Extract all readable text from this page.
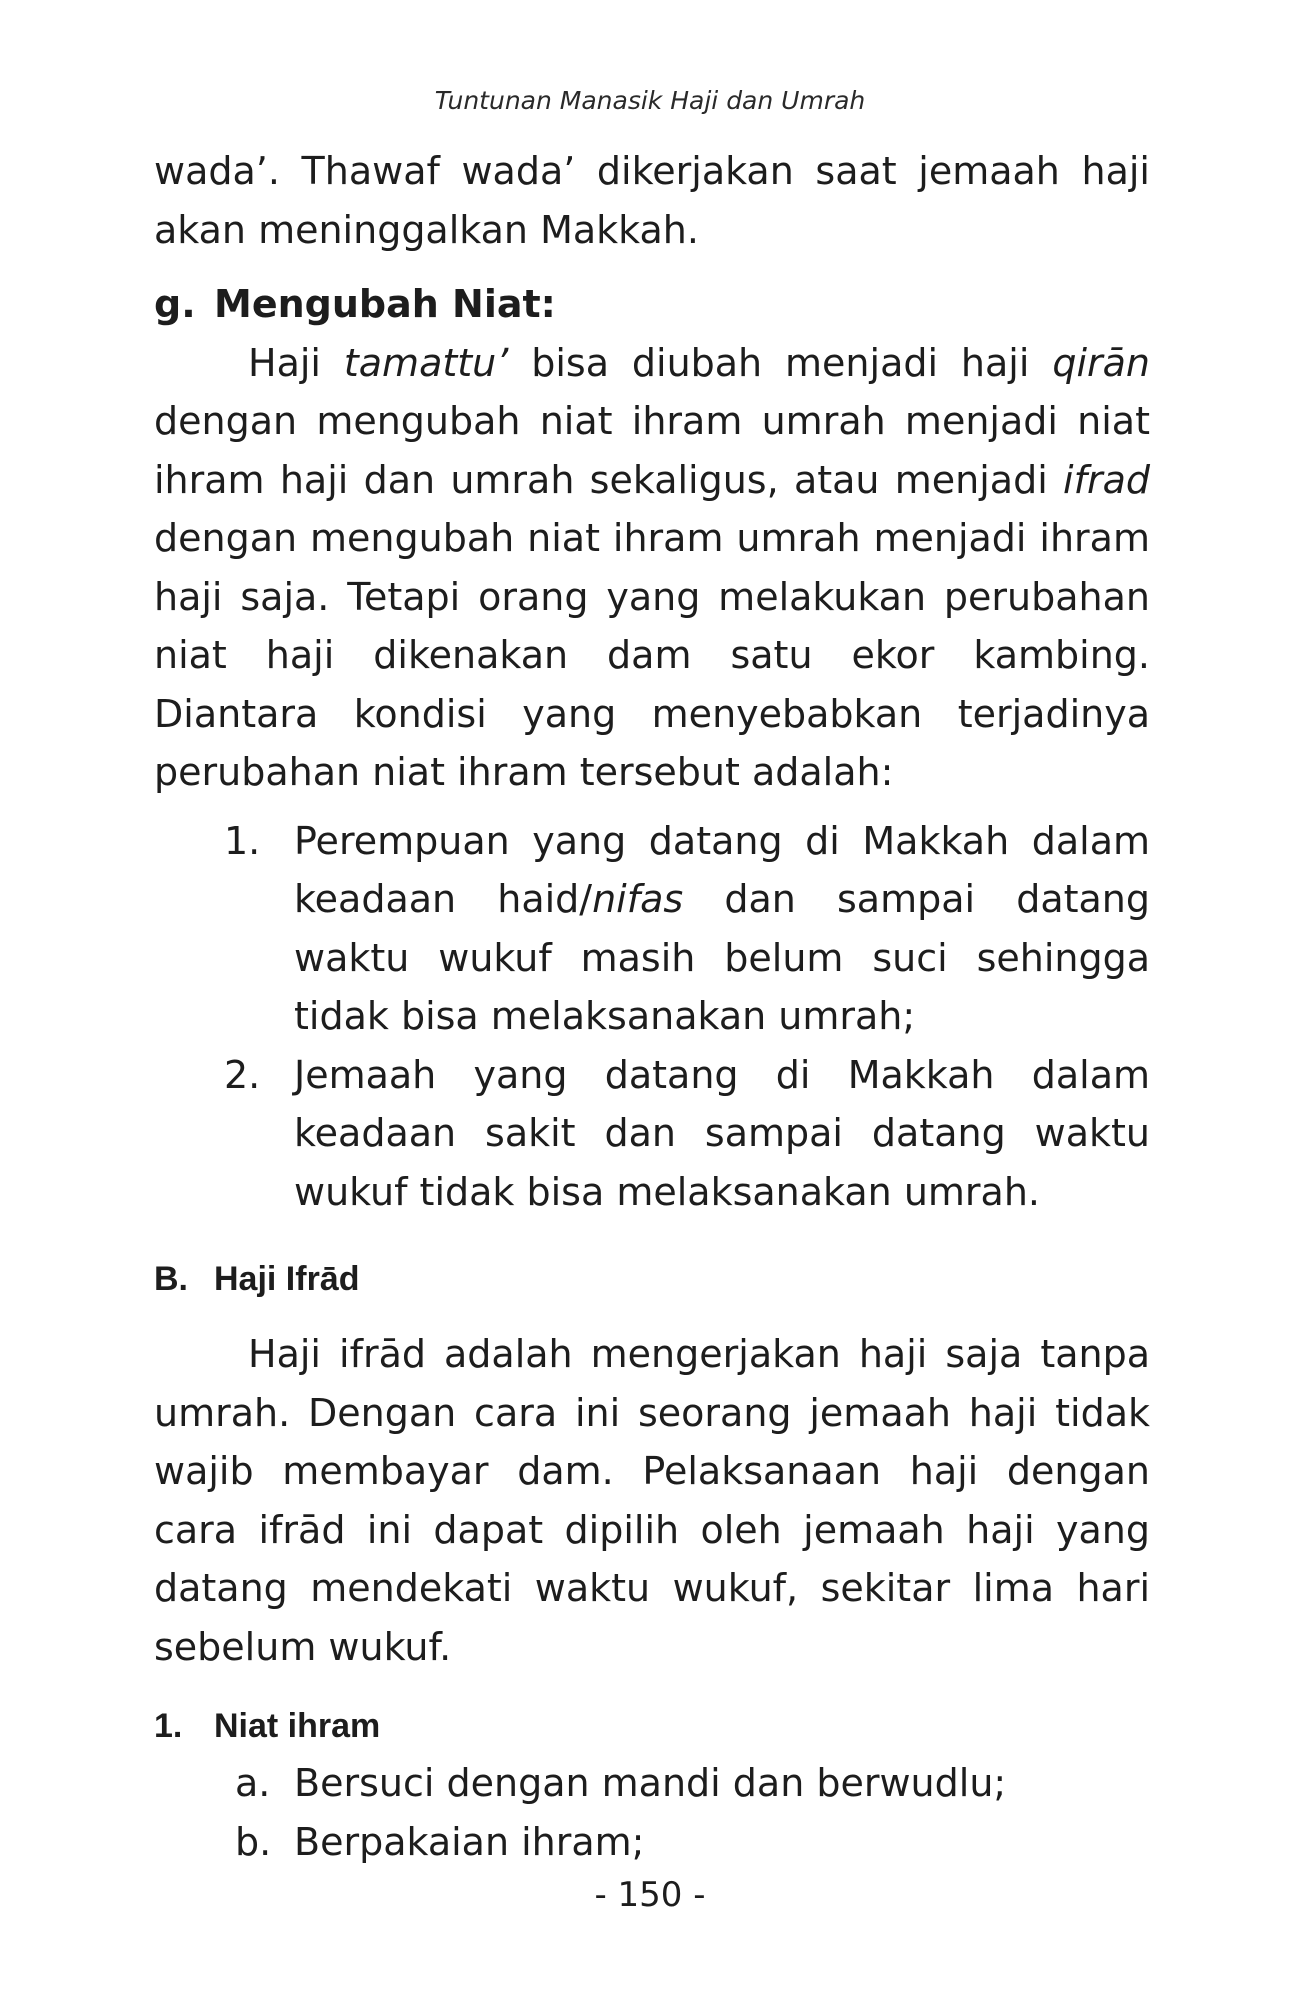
Tuntunan Manasik Haji dan Umrah

wada’. Thawaf wada’ dikerjakan saat jemaah haji akan meninggalkan Makkah.

g. Mengubah Niat:

Haji tamattu’ bisa diubah menjadi haji qirān dengan mengubah niat ihram umrah menjadi niat ihram haji dan umrah sekaligus, atau menjadi ifrad dengan mengubah niat ihram umrah menjadi ihram haji saja. Tetapi orang yang melakukan perubahan niat haji dikenakan dam satu ekor kambing. Diantara kondisi yang menyebabkan terjadinya perubahan niat ihram tersebut adalah:

1. Perempuan yang datang di Makkah dalam keadaan haid/nifas dan sampai datang waktu wukuf masih belum suci sehingga tidak bisa melaksanakan umrah;
2. Jemaah yang datang di Makkah dalam keadaan sakit dan sampai datang waktu wukuf tidak bisa melaksanakan umrah.
B. Haji Ifrād

Haji ifrād adalah mengerjakan haji saja tanpa umrah. Dengan cara ini seorang jemaah haji tidak wajib membayar dam. Pelaksanaan haji dengan cara ifrād ini dapat dipilih oleh jemaah haji yang datang mendekati waktu wukuf, sekitar lima hari sebelum wukuf.

1. Niat ihram
a. Bersuci dengan mandi dan berwudlu;
b. Berpakaian ihram;
- 150 -
